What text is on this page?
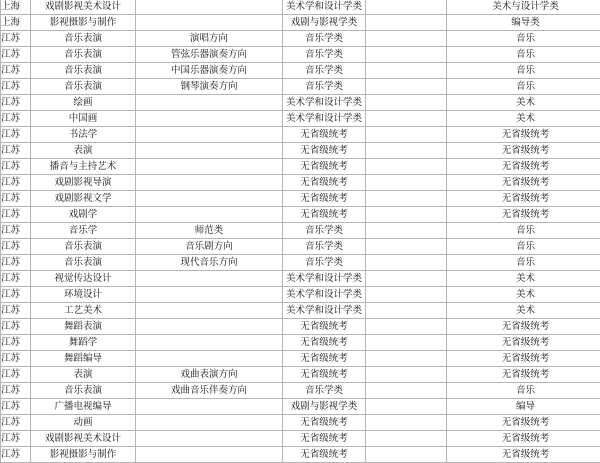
上海	戏剧影视美术设计		美术学和设计学类		美术与设计学类
上海	影视摄影与制作		戏剧与影视学类		编导类
江苏	音乐表演	演唱方向	音乐学类		音乐
江苏	音乐表演	管弦乐器演奏方向	音乐学类		音乐
江苏	音乐表演	中国乐器演奏方向	音乐学类		音乐
江苏	音乐表演	钢琴演奏方向	音乐学类		音乐
江苏	绘画		美术学和设计学类		美术
江苏	中国画		美术学和设计学类		美术
江苏	书法学		无省级统考		无省级统考
江苏	表演		无省级统考		无省级统考
江苏	播音与主持艺术		无省级统考		无省级统考
江苏	戏剧影视导演		无省级统考		无省级统考
江苏	戏剧影视文学		无省级统考		无省级统考
江苏	戏剧学		无省级统考		无省级统考
江苏	音乐学	师范类	音乐学类		音乐
江苏	音乐表演	音乐剧方向	音乐学类		音乐
江苏	音乐表演	现代音乐方向	音乐学类		音乐
江苏	视觉传达设计		美术学和设计学类		美术
江苏	环境设计		美术学和设计学类		美术
江苏	工艺美术		美术学和设计学类		美术
江苏	舞蹈表演		无省级统考		无省级统考
江苏	舞蹈学		无省级统考		无省级统考
江苏	舞蹈编导		无省级统考		无省级统考
江苏	表演	戏曲表演方向	无省级统考		无省级统考
江苏	音乐表演	戏曲音乐伴奏方向	音乐学类		音乐
江苏	广播电视编导		戏剧与影视学类		编导
江苏	动画		无省级统考		无省级统考
江苏	戏剧影视美术设计		无省级统考		无省级统考
江苏	影视摄影与制作		无省级统考		无省级统考
